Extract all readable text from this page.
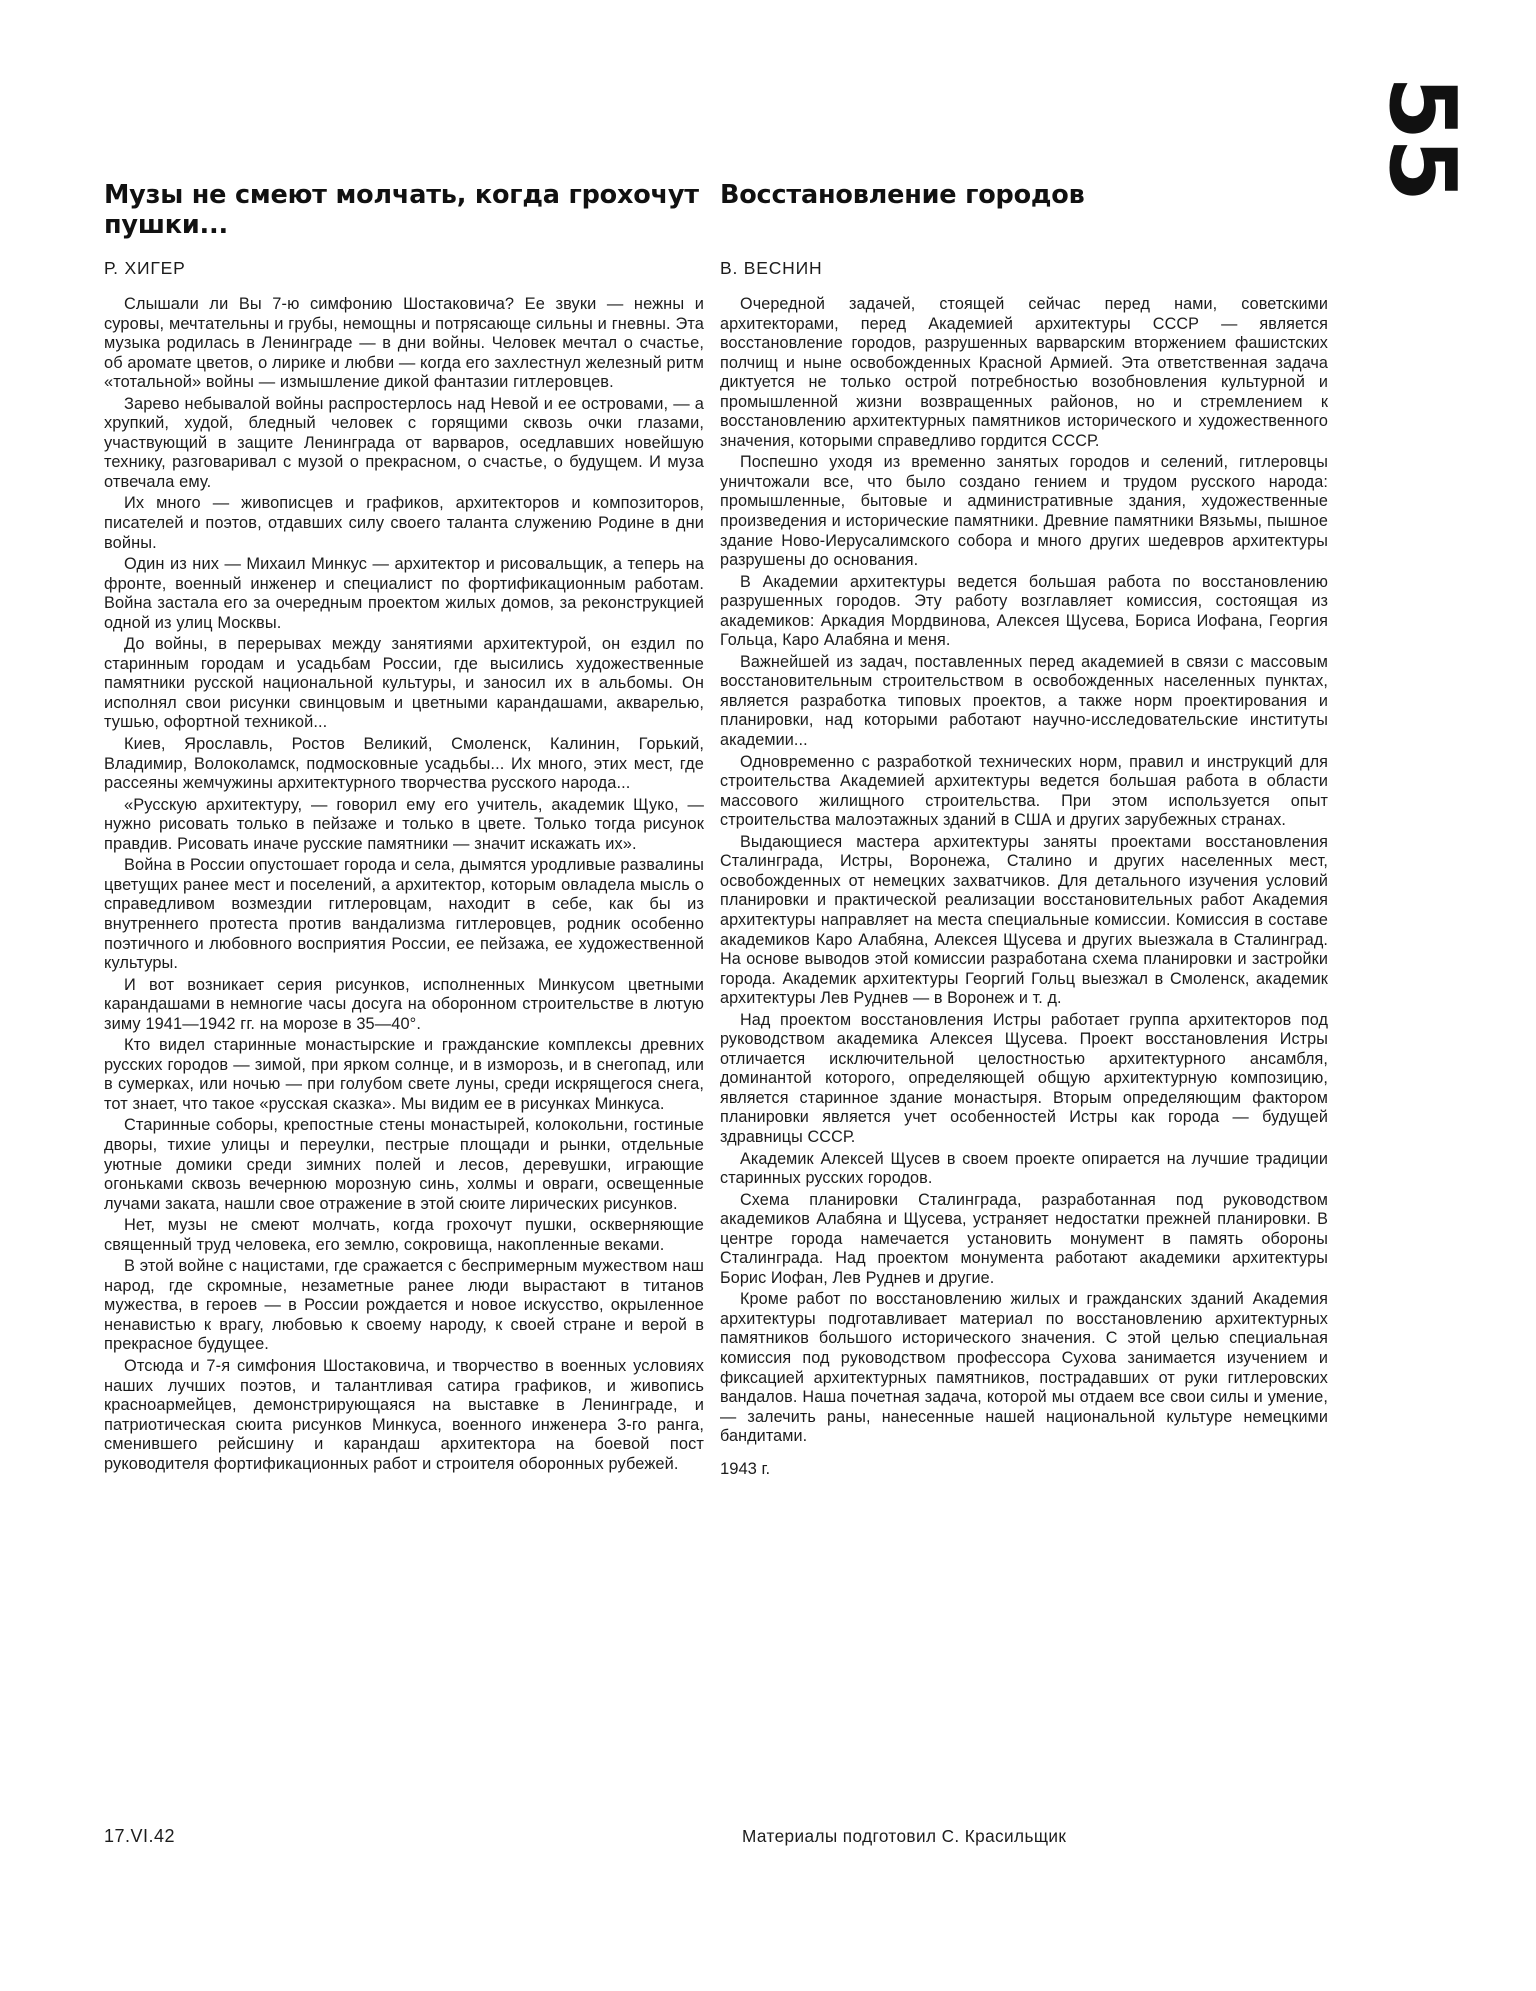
55
Музы не смеют молчать, когда грохочут пушки...

Р. ХИГЕР

Слышали ли Вы 7-ю симфонию Шостаковича? Ее звуки — нежны и суровы, мечтательны и грубы, немощны и потрясающе сильны и гневны. Эта музыка родилась в Ленинграде — в дни войны. Человек мечтал о счастье, об аромате цветов, о лирике и любви — когда его захлестнул железный ритм «тотальной» войны — измышление дикой фантазии гитлеровцев.

Зарево небывалой войны распростерлось над Невой и ее островами, — а хрупкий, худой, бледный человек с горящими сквозь очки глазами, участвующий в защите Ленинграда от варваров, оседлавших новейшую технику, разговаривал с музой о прекрасном, о счастье, о будущем. И муза отвечала ему.

Их много — живописцев и графиков, архитекторов и композиторов, писателей и поэтов, отдавших силу своего таланта служению Родине в дни войны.

Один из них — Михаил Минкус — архитектор и рисовальщик, а теперь на фронте, военный инженер и специалист по фортификационным работам. Война застала его за очередным проектом жилых домов, за реконструкцией одной из улиц Москвы.

До войны, в перерывах между занятиями архитектурой, он ездил по старинным городам и усадьбам России, где высились художественные памятники русской национальной культуры, и заносил их в альбомы. Он исполнял свои рисунки свинцовым и цветными карандашами, акварелью, тушью, офортной техникой...

Киев, Ярославль, Ростов Великий, Смоленск, Калинин, Горький, Владимир, Волоколамск, подмосковные усадьбы... Их много, этих мест, где рассеяны жемчужины архитектурного творчества русского народа...

«Русскую архитектуру, — говорил ему его учитель, академик Щуко, — нужно рисовать только в пейзаже и только в цвете. Только тогда рисунок правдив. Рисовать иначе русские памятники — значит искажать их».

Война в России опустошает города и села, дымятся уродливые развалины цветущих ранее мест и поселений, а архитектор, которым овладела мысль о справедливом возмездии гитлеровцам, находит в себе, как бы из внутреннего протеста против вандализма гитлеровцев, родник особенно поэтичного и любовного восприятия России, ее пейзажа, ее художественной культуры.

И вот возникает серия рисунков, исполненных Минкусом цветными карандашами в немногие часы досуга на оборонном строительстве в лютую зиму 1941—1942 гг. на морозе в 35—40°.

Кто видел старинные монастырские и гражданские комплексы древних русских городов — зимой, при ярком солнце, и в изморозь, и в снегопад, или в сумерках, или ночью — при голубом свете луны, среди искрящегося снега, тот знает, что такое «русская сказка». Мы видим ее в рисунках Минкуса.

Старинные соборы, крепостные стены монастырей, колокольни, гостиные дворы, тихие улицы и переулки, пестрые площади и рынки, отдельные уютные домики среди зимних полей и лесов, деревушки, играющие огоньками сквозь вечернюю морозную синь, холмы и овраги, освещенные лучами заката, нашли свое отражение в этой сюите лирических рисунков.

Нет, музы не смеют молчать, когда грохочут пушки, оскверняющие священный труд человека, его землю, сокровища, накопленные веками.

В этой войне с нацистами, где сражается с беспримерным мужеством наш народ, где скромные, незаметные ранее люди вырастают в титанов мужества, в героев — в России рождается и новое искусство, окрыленное ненавистью к врагу, любовью к своему народу, к своей стране и верой в прекрасное будущее.

Отсюда и 7-я симфония Шостаковича, и творчество в военных условиях наших лучших поэтов, и талантливая сатира графиков, и живопись красноармейцев, демонстрирующаяся на выставке в Ленинграде, и патриотическая сюита рисунков Минкуса, военного инженера 3-го ранга, сменившего рейсшину и карандаш архитектора на боевой пост руководителя фортификационных работ и строителя оборонных рубежей.

17.VI.42

Восстановление городов

В. ВЕСНИН

Очередной задачей, стоящей сейчас перед нами, советскими архитекторами, перед Академией архитектуры СССР — является восстановление городов, разрушенных варварским вторжением фашистских полчищ и ныне освобожденных Красной Армией. Эта ответственная задача диктуется не только острой потребностью возобновления культурной и промышленной жизни возвращенных районов, но и стремлением к восстановлению архитектурных памятников исторического и художественного значения, которыми справедливо гордится СССР.

Поспешно уходя из временно занятых городов и селений, гитлеровцы уничтожали все, что было создано гением и трудом русского народа: промышленные, бытовые и административные здания, художественные произведения и исторические памятники. Древние памятники Вязьмы, пышное здание Ново-Иерусалимского собора и много других шедевров архитектуры разрушены до основания.

В Академии архитектуры ведется большая работа по восстановлению разрушенных городов. Эту работу возглавляет комиссия, состоящая из академиков: Аркадия Мордвинова, Алексея Щусева, Бориса Иофана, Георгия Гольца, Каро Алабяна и меня.

Важнейшей из задач, поставленных перед академией в связи с массовым восстановительным строительством в освобожденных населенных пунктах, является разработка типовых проектов, а также норм проектирования и планировки, над которыми работают научно-исследовательские институты академии...

Одновременно с разработкой технических норм, правил и инструкций для строительства Академией архитектуры ведется большая работа в области массового жилищного строительства. При этом используется опыт строительства малоэтажных зданий в США и других зарубежных странах.

Выдающиеся мастера архитектуры заняты проектами восстановления Сталинграда, Истры, Воронежа, Сталино и других населенных мест, освобожденных от немецких захватчиков. Для детального изучения условий планировки и практической реализации восстановительных работ Академия архитектуры направляет на места специальные комиссии. Комиссия в составе академиков Каро Алабяна, Алексея Щусева и других выезжала в Сталинград. На основе выводов этой комиссии разработана схема планировки и застройки города. Академик архитектуры Георгий Гольц выезжал в Смоленск, академик архитектуры Лев Руднев — в Воронеж и т. д.

Над проектом восстановления Истры работает группа архитекторов под руководством академика Алексея Щусева. Проект восстановления Истры отличается исключительной целостностью архитектурного ансамбля, доминантой которого, определяющей общую архитектурную композицию, является старинное здание монастыря. Вторым определяющим фактором планировки является учет особенностей Истры как города — будущей здравницы СССР.

Академик Алексей Щусев в своем проекте опирается на лучшие традиции старинных русских городов.

Схема планировки Сталинграда, разработанная под руководством академиков Алабяна и Щусева, устраняет недостатки прежней планировки. В центре города намечается установить монумент в память обороны Сталинграда. Над проектом монумента работают академики архитектуры Борис Иофан, Лев Руднев и другие.

Кроме работ по восстановлению жилых и гражданских зданий Академия архитектуры подготавливает материал по восстановлению архитектурных памятников большого исторического значения. С этой целью специальная комиссия под руководством профессора Сухова занимается изучением и фиксацией архитектурных памятников, пострадавших от руки гитлеровских вандалов. Наша почетная задача, которой мы отдаем все свои силы и умение, — залечить раны, нанесенные нашей национальной культуре немецкими бандитами.

1943 г.

Материалы подготовил С. Красильщик
